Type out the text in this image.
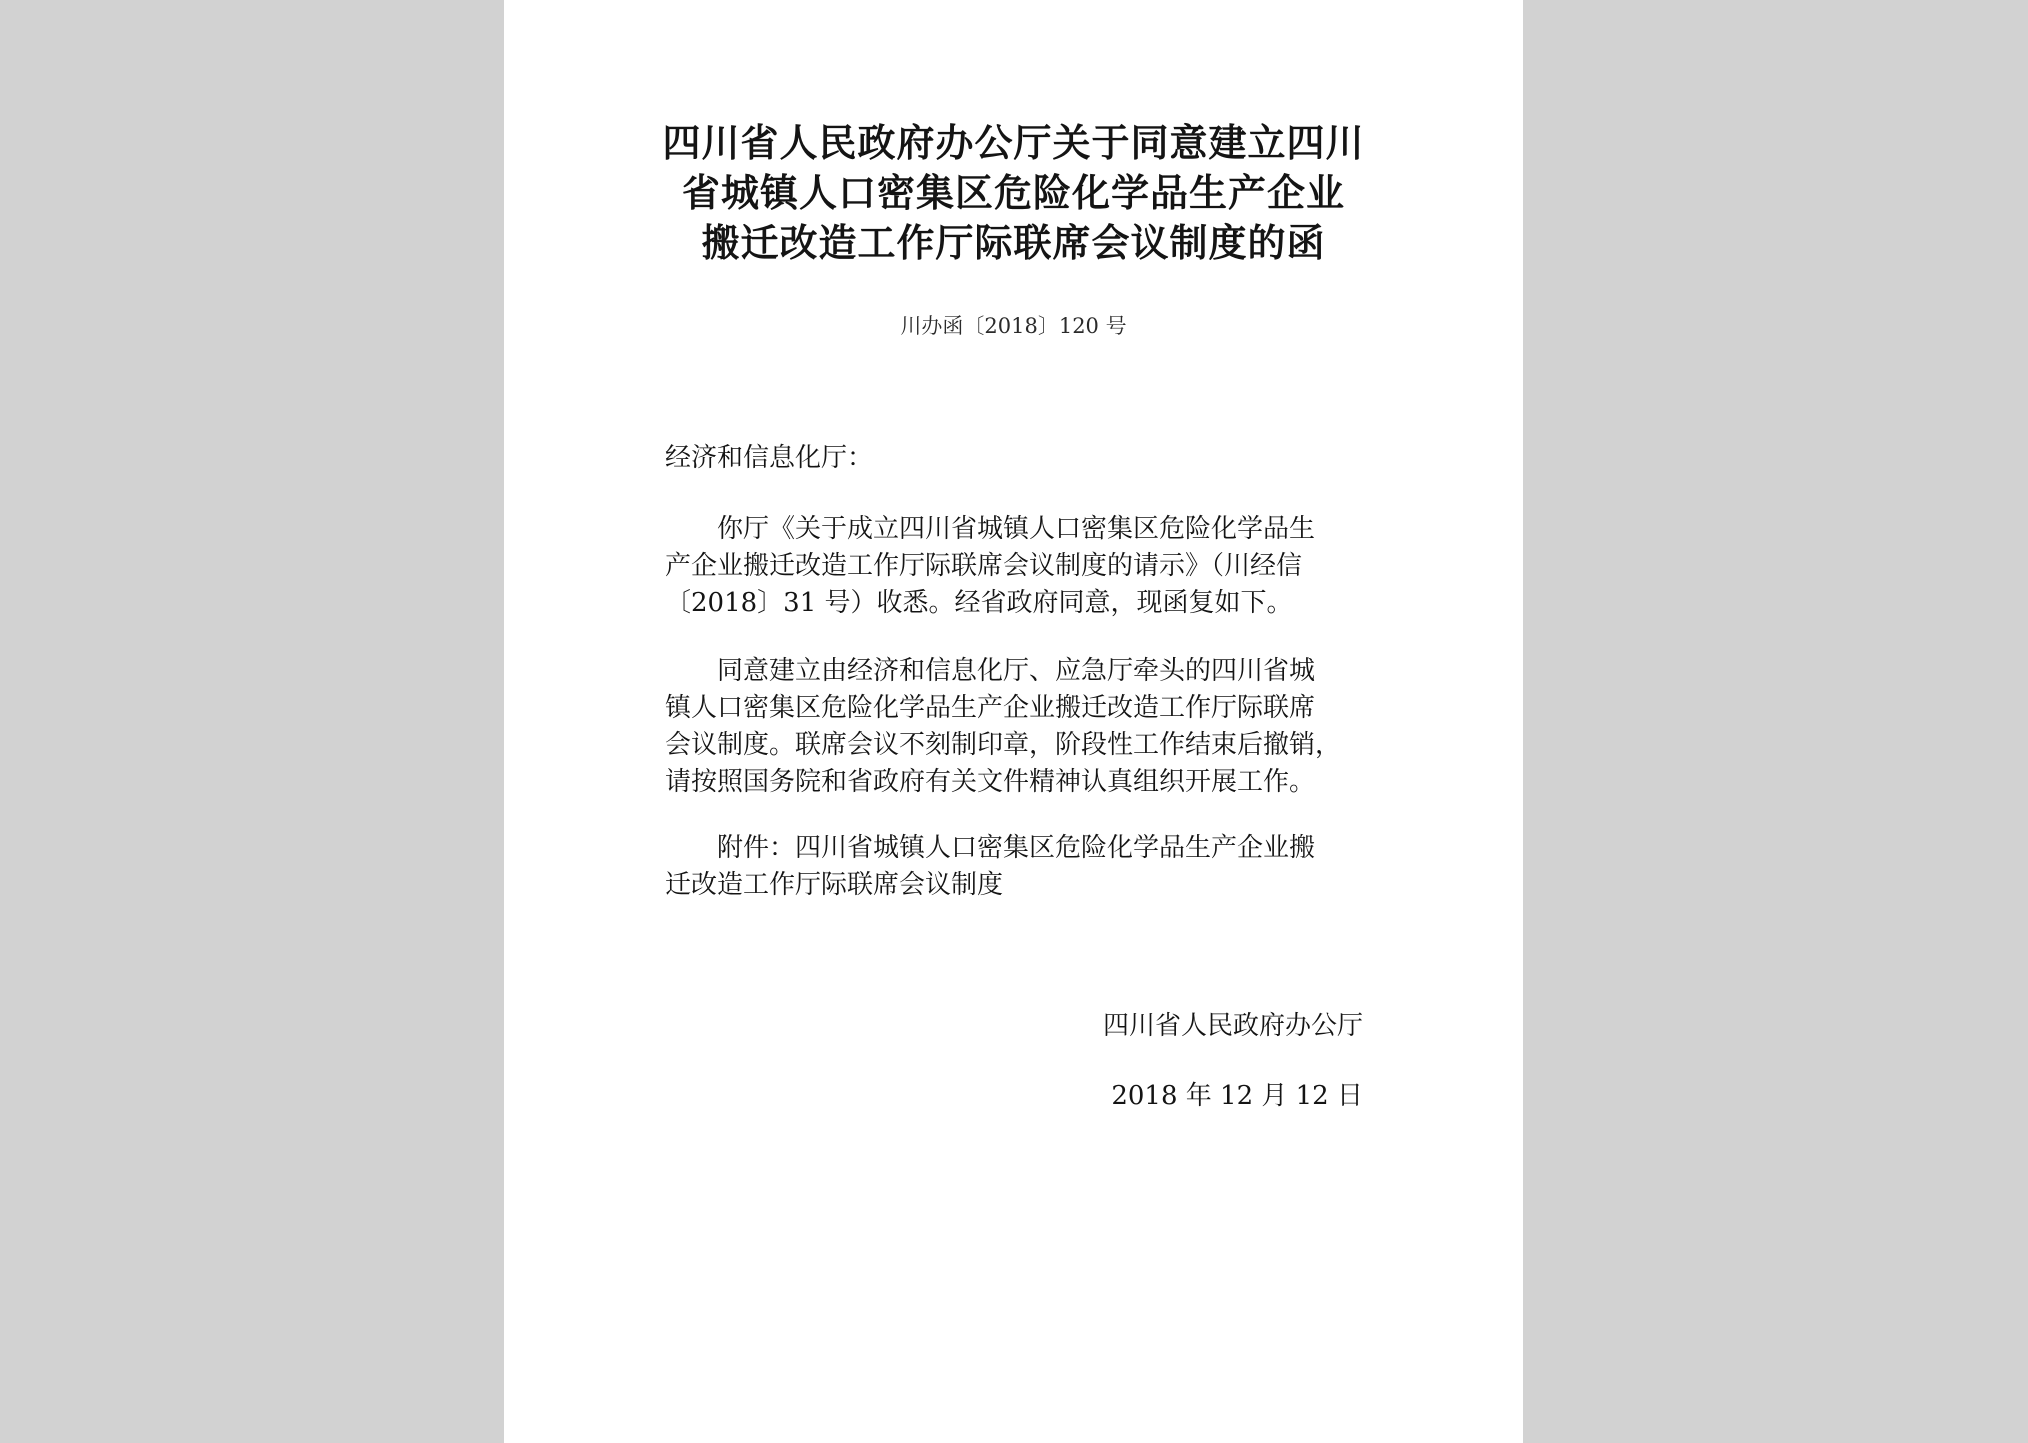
四川省人民政府办公厅关于同意建立四川
省城镇人口密集区危险化学品生产企业
搬迁改造工作厅际联席会议制度的函
川办函〔2018〕120 号
经济和信息化厅：
你厅《关于成立四川省城镇人口密集区危险化学品生
产企业搬迁改造工作厅际联席会议制度的请示》（川经信
〔2018〕31 号）收悉。经省政府同意，现函复如下。
同意建立由经济和信息化厅、应急厅牵头的四川省城
镇人口密集区危险化学品生产企业搬迁改造工作厅际联席
会议制度。联席会议不刻制印章，阶段性工作结束后撤销，
请按照国务院和省政府有关文件精神认真组织开展工作。
附件：四川省城镇人口密集区危险化学品生产企业搬
迁改造工作厅际联席会议制度
四川省人民政府办公厅
2018 年 12 月 12 日
